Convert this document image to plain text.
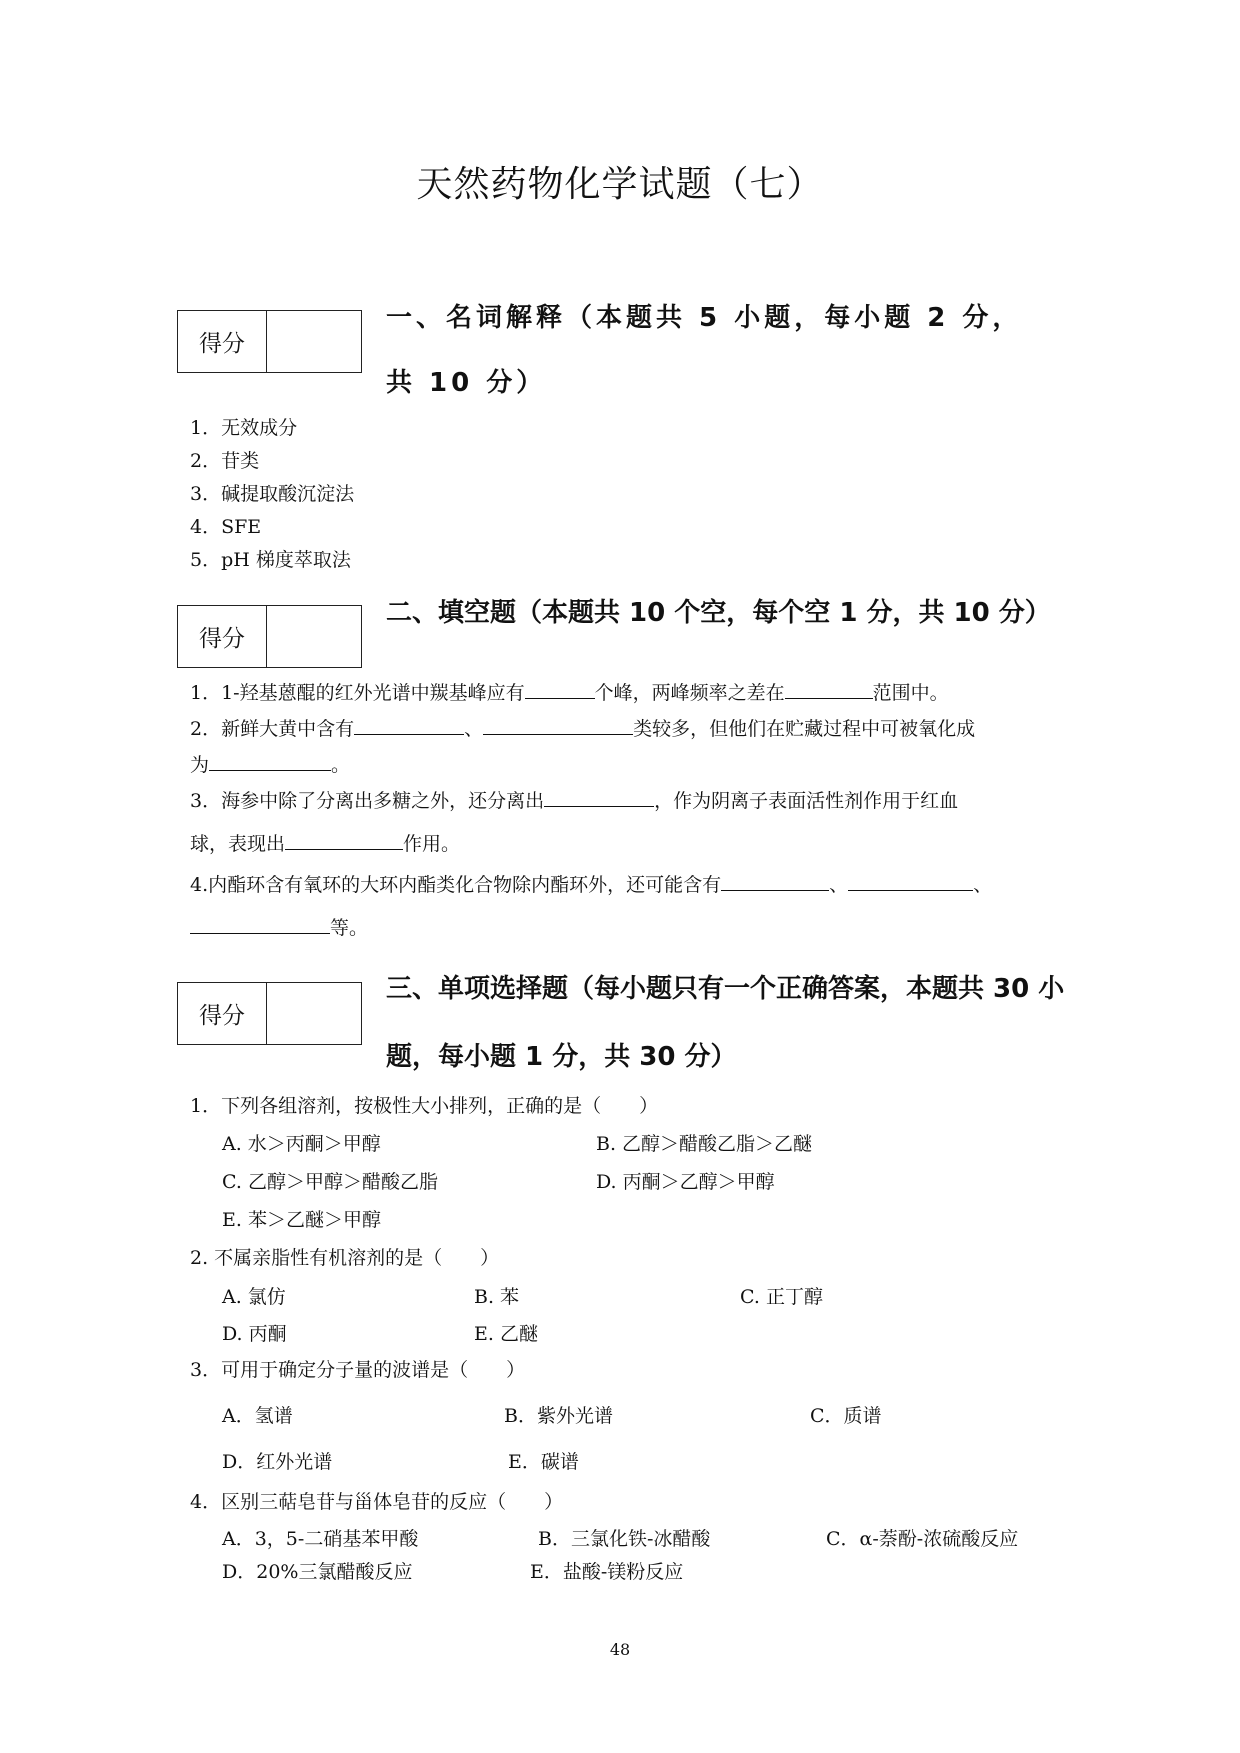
天然药物化学试题（七）
得分
一、名词解释（本题共 5 小题，每小题 2 分，
共 10 分）
1．无效成分
2．苷类
3．碱提取酸沉淀法
4．SFE
5．pH 梯度萃取法
得分
二、填空题（本题共 10 个空，每个空 1 分，共 10 分）
1．1-羟基蒽醌的红外光谱中羰基峰应有	个峰，两峰频率之差在	范围中。
2．新鲜大黄中含有	、	类较多，但他们在贮藏过程中可被氧化成
为	。
3．海参中除了分离出多糖之外，还分离出	，作为阴离子表面活性剂作用于红血
球，表现出	作用。
4.内酯环含有氧环的大环内酯类化合物除内酯环外，还可能含有	、	、
等。
得分
三、单项选择题（每小题只有一个正确答案，本题共 30 小
题，每小题 1 分，共 30 分）
1．下列各组溶剂，按极性大小排列，正确的是（　　）
A. 水＞丙酮＞甲醇	B. 乙醇＞醋酸乙脂＞乙醚
C. 乙醇＞甲醇＞醋酸乙脂	D. 丙酮＞乙醇＞甲醇
E. 苯＞乙醚＞甲醇
2. 不属亲脂性有机溶剂的是（　　）
A. 氯仿	B. 苯	C. 正丁醇
D. 丙酮	E. 乙醚
3．可用于确定分子量的波谱是（　　）
A．氢谱	B．紫外光谱	C．质谱
D．红外光谱	E．碳谱
4．区别三萜皂苷与甾体皂苷的反应（　　）
A．3，5-二硝基苯甲酸	B．三氯化铁-冰醋酸	C．α-萘酚-浓硫酸反应
D．20%三氯醋酸反应	E．盐酸-镁粉反应
48
